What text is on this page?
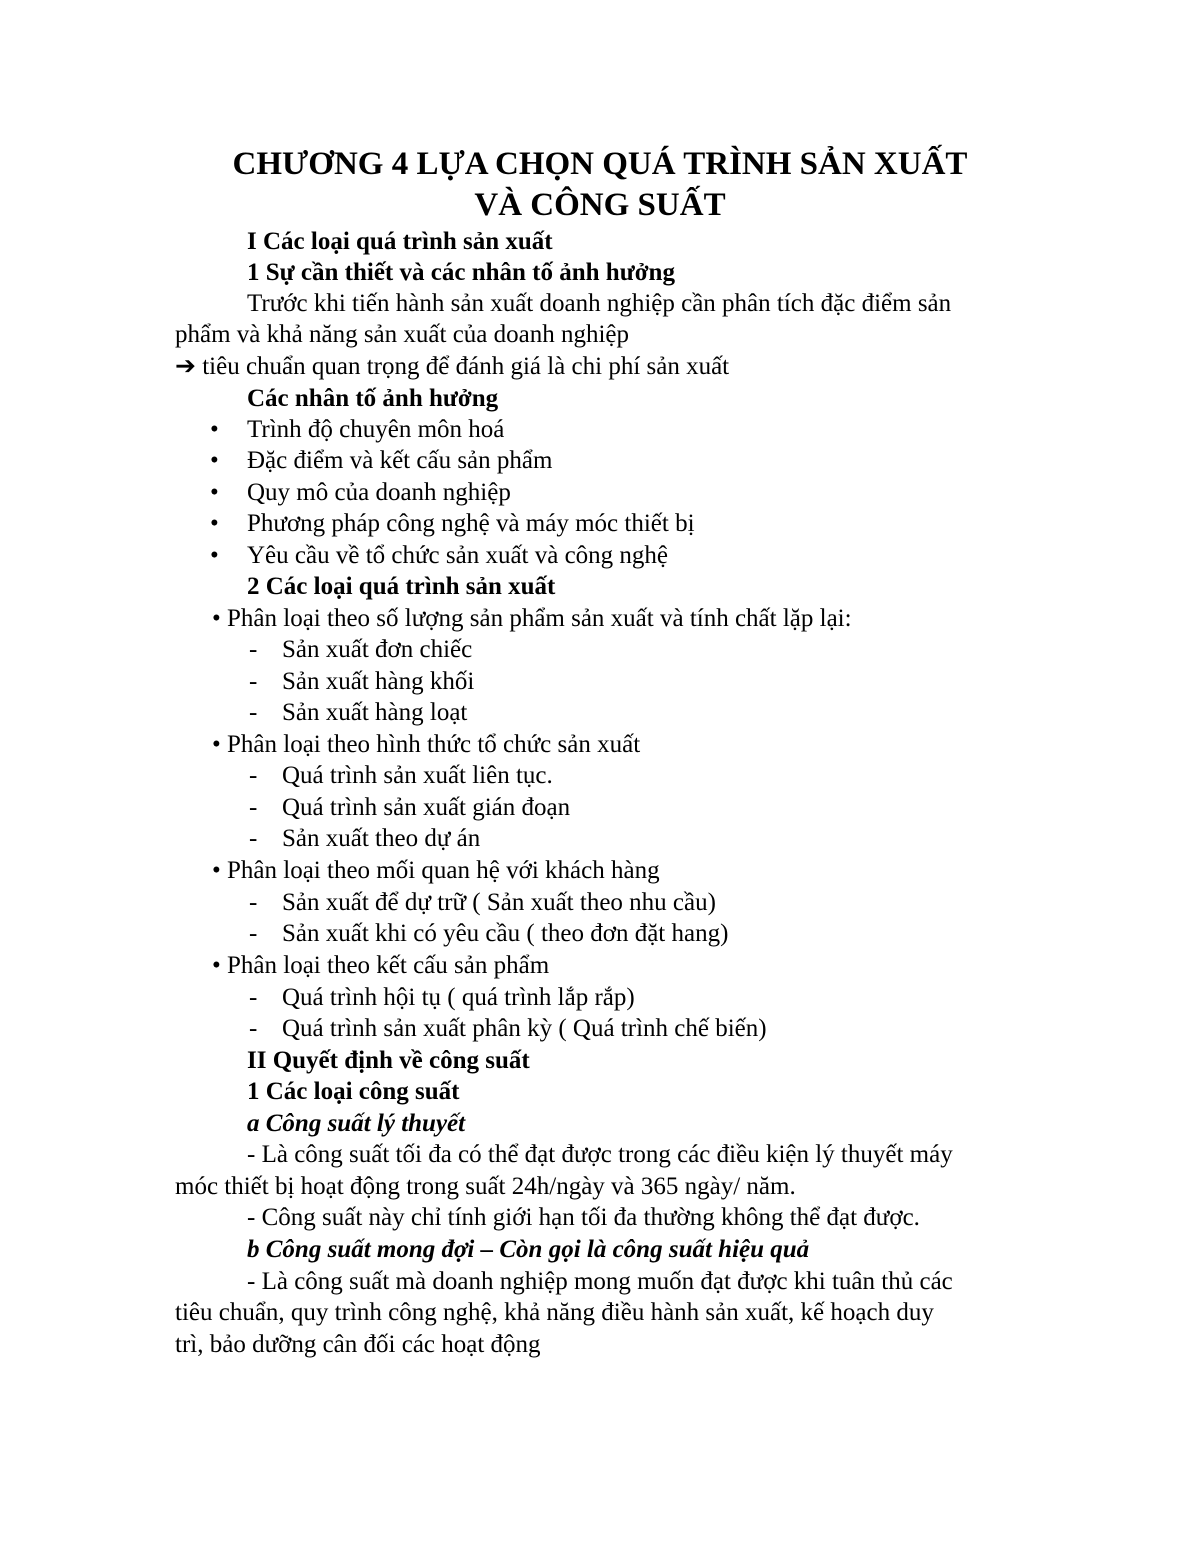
CHƯƠNG 4 LỰA CHỌN QUÁ TRÌNH SẢN XUẤT
VÀ CÔNG SUẤT
I Các loại quá trình sản xuất
1 Sự cần thiết và các nhân tố ảnh hưởng
Trước khi tiến hành sản xuất doanh nghiệp cần phân tích đặc điểm sản
phẩm và khả năng sản xuất của doanh nghiệp
➔ tiêu chuẩn quan trọng để đánh giá là chi phí sản xuất
Các nhân tố ảnh hưởng
• Trình độ chuyên môn hoá
• Đặc điểm và kết cấu sản phẩm
• Quy mô của doanh nghiệp
• Phương pháp công nghệ và máy móc thiết bị
• Yêu cầu về tổ chức sản xuất và công nghệ
2 Các loại quá trình sản xuất
• Phân loại theo số lượng sản phẩm sản xuất và tính chất lặp lại:
- Sản xuất đơn chiếc
- Sản xuất hàng khối
- Sản xuất hàng loạt
• Phân loại theo hình thức tổ chức sản xuất
- Quá trình sản xuất liên tục.
- Quá trình sản xuất gián đoạn
- Sản xuất theo dự án
• Phân loại theo mối quan hệ với khách hàng
- Sản xuất để dự trữ ( Sản xuất theo nhu cầu)
- Sản xuất khi có yêu cầu ( theo đơn đặt hang)
• Phân loại theo kết cấu sản phẩm
- Quá trình hội tụ ( quá trình lắp rắp)
- Quá trình sản xuất phân kỳ ( Quá trình chế biến)
II Quyết định về công suất
1 Các loại công suất
a Công suất lý thuyết
- Là công suất tối đa có thể đạt được trong các điều kiện lý thuyết máy
móc thiết bị hoạt động trong suất 24h/ngày và 365 ngày/ năm.
- Công suất này chỉ tính giới hạn tối đa thường không thể đạt được.
b Công suất mong đợi – Còn gọi là công suất hiệu quả
- Là công suất mà doanh nghiệp mong muốn đạt được khi tuân thủ các
tiêu chuẩn, quy trình công nghệ, khả năng điều hành sản xuất, kế hoạch duy
trì, bảo dưỡng cân đối các hoạt động
